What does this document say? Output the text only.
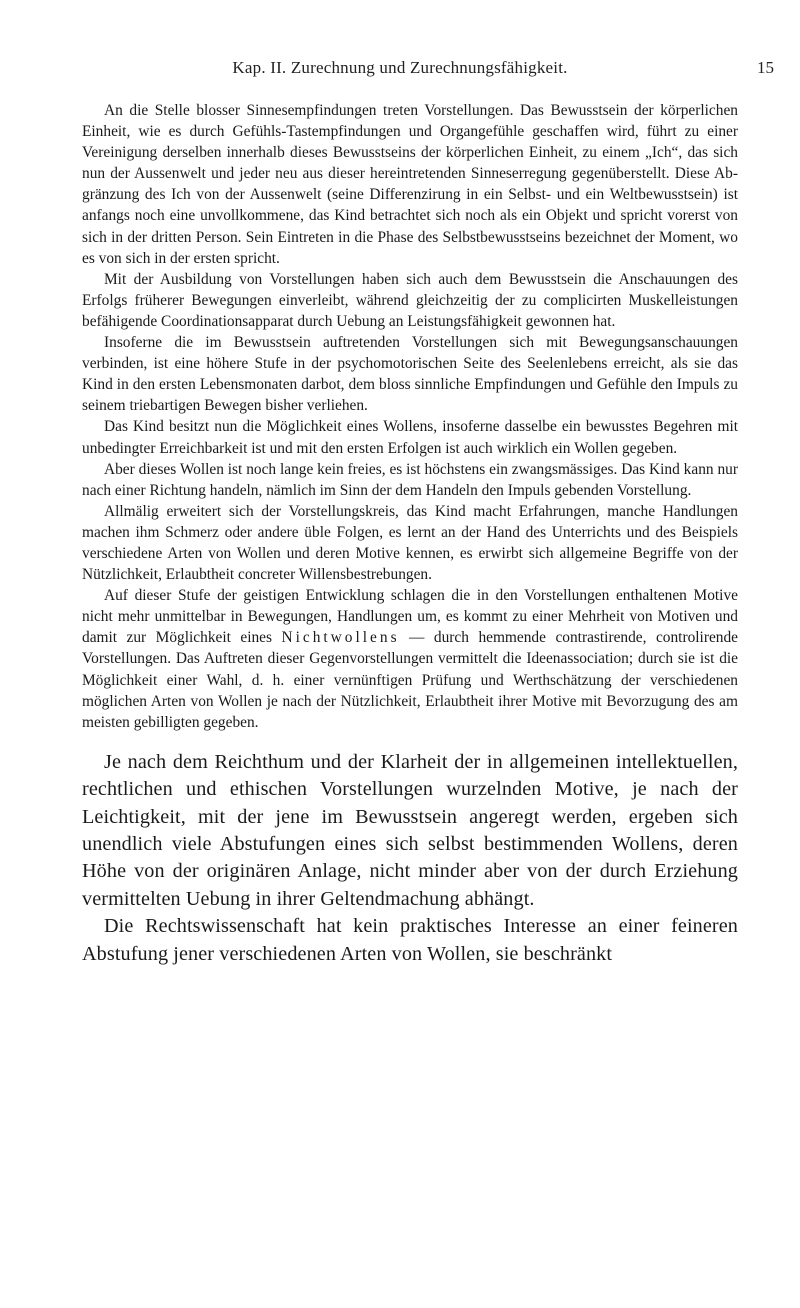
Kap. II. Zurechnung und Zurechnungsfähigkeit.	15

An die Stelle blosser Sinnesempfindungen treten Vorstellungen. Das Bewusstsein der körperlichen Einheit, wie es durch Gefühls-Tastempfindungen und Organgefühle geschaffen wird, führt zu einer Vereinigung derselben innerhalb dieses Bewusstseins der körperlichen Einheit, zu einem „Ich“, das sich nun der Aussenwelt und jeder neu aus dieser hereintretenden Sinneserregung gegenüberstellt. Diese Abgränzung des Ich von der Aussenwelt (seine Differenzirung in ein Selbst- und ein Weltbewusstsein) ist anfangs noch eine unvollkommene, das Kind betrachtet sich noch als ein Objekt und spricht vorerst von sich in der dritten Person. Sein Eintreten in die Phase des Selbstbewusstseins bezeichnet der Moment, wo es von sich in der ersten spricht.

Mit der Ausbildung von Vorstellungen haben sich auch dem Bewusstsein die Anschauungen des Erfolgs früherer Bewegungen einverleibt, während gleichzeitig der zu complicirten Muskelleistungen befähigende Coordinationsapparat durch Uebung an Leistungsfähigkeit gewonnen hat.

Insoferne die im Bewusstsein auftretenden Vorstellungen sich mit Bewegungsanschauungen verbinden, ist eine höhere Stufe in der psychomotorischen Seite des Seelenlebens erreicht, als sie das Kind in den ersten Lebensmonaten darbot, dem bloss sinnliche Empfindungen und Gefühle den Impuls zu seinem triebartigen Bewegen bisher verliehen.

Das Kind besitzt nun die Möglichkeit eines Wollens, insoferne dasselbe ein bewusstes Begehren mit unbedingter Erreichbarkeit ist und mit den ersten Erfolgen ist auch wirklich ein Wollen gegeben.

Aber dieses Wollen ist noch lange kein freies, es ist höchstens ein zwangsmässiges. Das Kind kann nur nach einer Richtung handeln, nämlich im Sinn der dem Handeln den Impuls gebenden Vorstellung.

Allmälig erweitert sich der Vorstellungskreis, das Kind macht Erfahrungen, manche Handlungen machen ihm Schmerz oder andere üble Folgen, es lernt an der Hand des Unterrichts und des Beispiels verschiedene Arten von Wollen und deren Motive kennen, es erwirbt sich allgemeine Begriffe von der Nützlichkeit, Erlaubtheit concreter Willensbestrebungen.

Auf dieser Stufe der geistigen Entwicklung schlagen die in den Vorstellungen enthaltenen Motive nicht mehr unmittelbar in Bewegungen, Handlungen um, es kommt zu einer Mehrheit von Motiven und damit zur Möglichkeit eines Nichtwollens — durch hemmende contrastirende, controlirende Vorstellungen. Das Auftreten dieser Gegenvorstellungen vermittelt die Ideenassociation; durch sie ist die Möglichkeit einer Wahl, d. h. einer vernünftigen Prüfung und Werthschätzung der verschiedenen möglichen Arten von Wollen je nach der Nützlichkeit, Erlaubtheit ihrer Motive mit Bevorzugung des am meisten gebilligten gegeben.

Je nach dem Reichthum und der Klarheit der in allgemeinen intellektuellen, rechtlichen und ethischen Vorstellungen wurzelnden Motive, je nach der Leichtigkeit, mit der jene im Bewusstsein angeregt werden, ergeben sich unendlich viele Abstufungen eines sich selbst bestimmenden Wollens, deren Höhe von der originären Anlage, nicht minder aber von der durch Erziehung vermittelten Uebung in ihrer Geltendmachung abhängt.

Die Rechtswissenschaft hat kein praktisches Interesse an einer feineren Abstufung jener verschiedenen Arten von Wollen, sie beschränkt
